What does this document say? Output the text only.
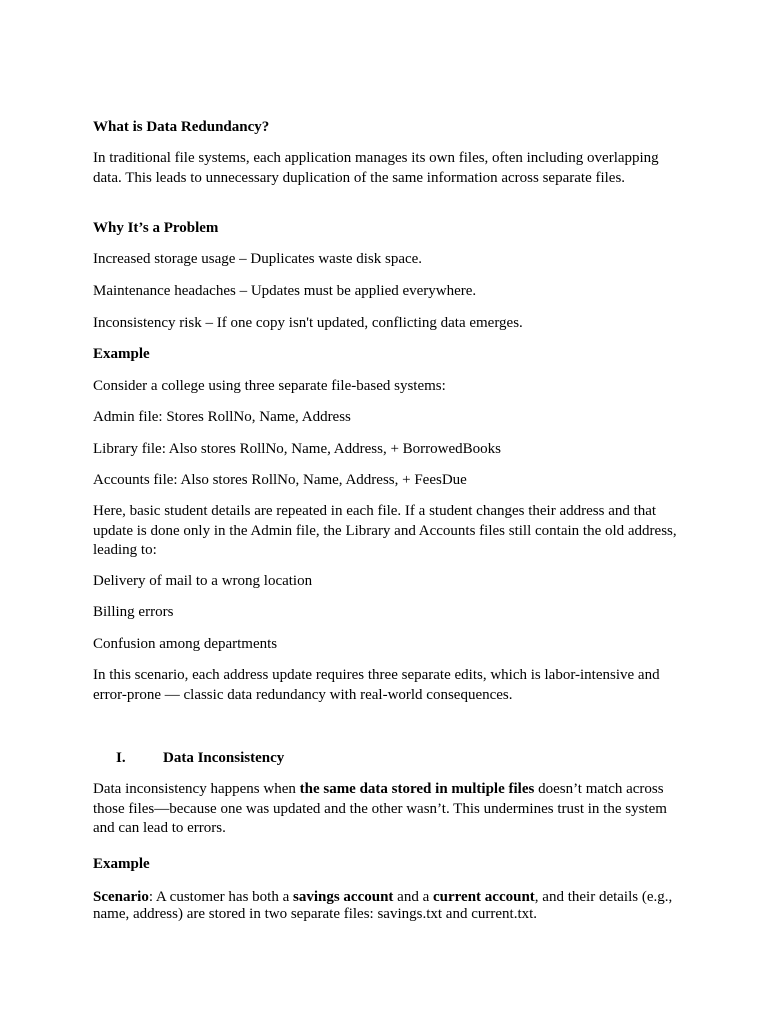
What is Data Redundancy?

In traditional file systems, each application manages its own files, often including overlapping data. This leads to unnecessary duplication of the same information across separate files.

Why It’s a Problem

Increased storage usage – Duplicates waste disk space.

Maintenance headaches – Updates must be applied everywhere.

Inconsistency risk – If one copy isn't updated, conflicting data emerges.

Example

Consider a college using three separate file-based systems:

Admin file: Stores RollNo, Name, Address

Library file: Also stores RollNo, Name, Address, + BorrowedBooks

Accounts file: Also stores RollNo, Name, Address, + FeesDue

Here, basic student details are repeated in each file. If a student changes their address and that update is done only in the Admin file, the Library and Accounts files still contain the old address, leading to:

Delivery of mail to a wrong location

Billing errors

Confusion among departments

In this scenario, each address update requires three separate edits, which is labor-intensive and error-prone — classic data redundancy with real-world consequences.

I. Data Inconsistency

Data inconsistency happens when the same data stored in multiple files doesn’t match across those files—because one was updated and the other wasn’t. This undermines trust in the system and can lead to errors.

Example

Scenario: A customer has both a savings account and a current account, and their details (e.g., name, address) are stored in two separate files: savings.txt and current.txt.
